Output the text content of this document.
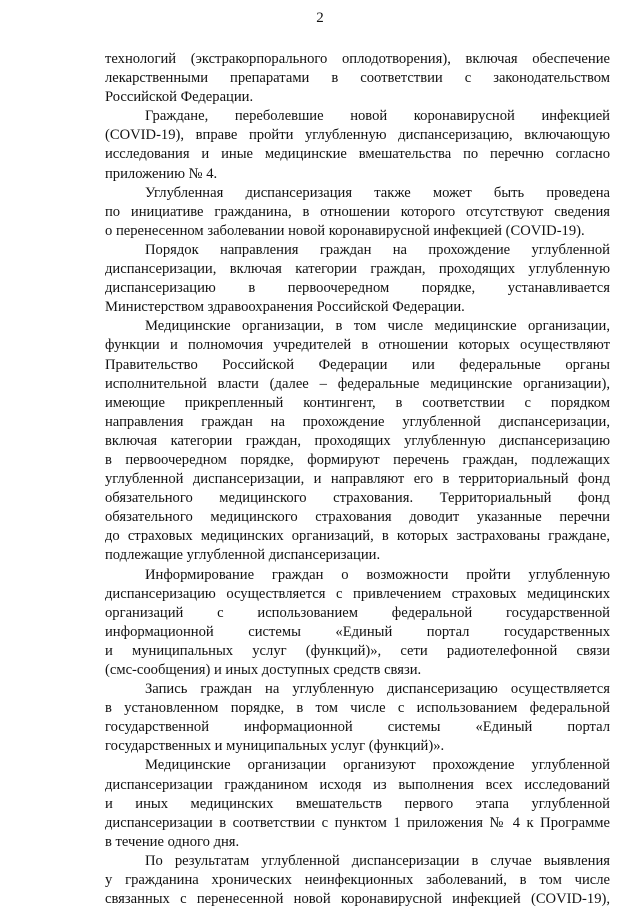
2
технологий (экстракорпорального оплодотворения), включая обеспечение
лекарственными препаратами в соответствии с законодательством
Российской Федерации.
Граждане, переболевшие новой коронавирусной инфекцией
(COVID-19), вправе пройти углубленную диспансеризацию, включающую
исследования и иные медицинские вмешательства по перечню согласно
приложению № 4.
Углубленная диспансеризация также может быть проведена
по инициативе гражданина, в отношении которого отсутствуют сведения
о перенесенном заболевании новой коронавирусной инфекцией (COVID-19).
Порядок направления граждан на прохождение углубленной
диспансеризации, включая категории граждан, проходящих углубленную
диспансеризацию в первоочередном порядке, устанавливается
Министерством здравоохранения Российской Федерации.
Медицинские организации, в том числе медицинские организации,
функции и полномочия учредителей в отношении которых осуществляют
Правительство Российской Федерации или федеральные органы
исполнительной власти (далее – федеральные медицинские организации),
имеющие прикрепленный контингент, в соответствии с порядком
направления граждан на прохождение углубленной диспансеризации,
включая категории граждан, проходящих углубленную диспансеризацию
в первоочередном порядке, формируют перечень граждан, подлежащих
углубленной диспансеризации, и направляют его в территориальный фонд
обязательного медицинского страхования. Территориальный фонд
обязательного медицинского страхования доводит указанные перечни
до страховых медицинских организаций, в которых застрахованы граждане,
подлежащие углубленной диспансеризации.
Информирование граждан о возможности пройти углубленную
диспансеризацию осуществляется с привлечением страховых медицинских
организаций с использованием федеральной государственной
информационной системы «Единый портал государственных
и муниципальных услуг (функций)», сети радиотелефонной связи
(смс-сообщения) и иных доступных средств связи.
Запись граждан на углубленную диспансеризацию осуществляется
в установленном порядке, в том числе с использованием федеральной
государственной информационной системы «Единый портал
государственных и муниципальных услуг (функций)».
Медицинские организации организуют прохождение углубленной
диспансеризации гражданином исходя из выполнения всех исследований
и иных медицинских вмешательств первого этапа углубленной
диспансеризации в соответствии с пунктом 1 приложения № 4 к Программе
в течение одного дня.
По результатам углубленной диспансеризации в случае выявления
у гражданина хронических неинфекционных заболеваний, в том числе
связанных с перенесенной новой коронавирусной инфекцией (COVID-19),
